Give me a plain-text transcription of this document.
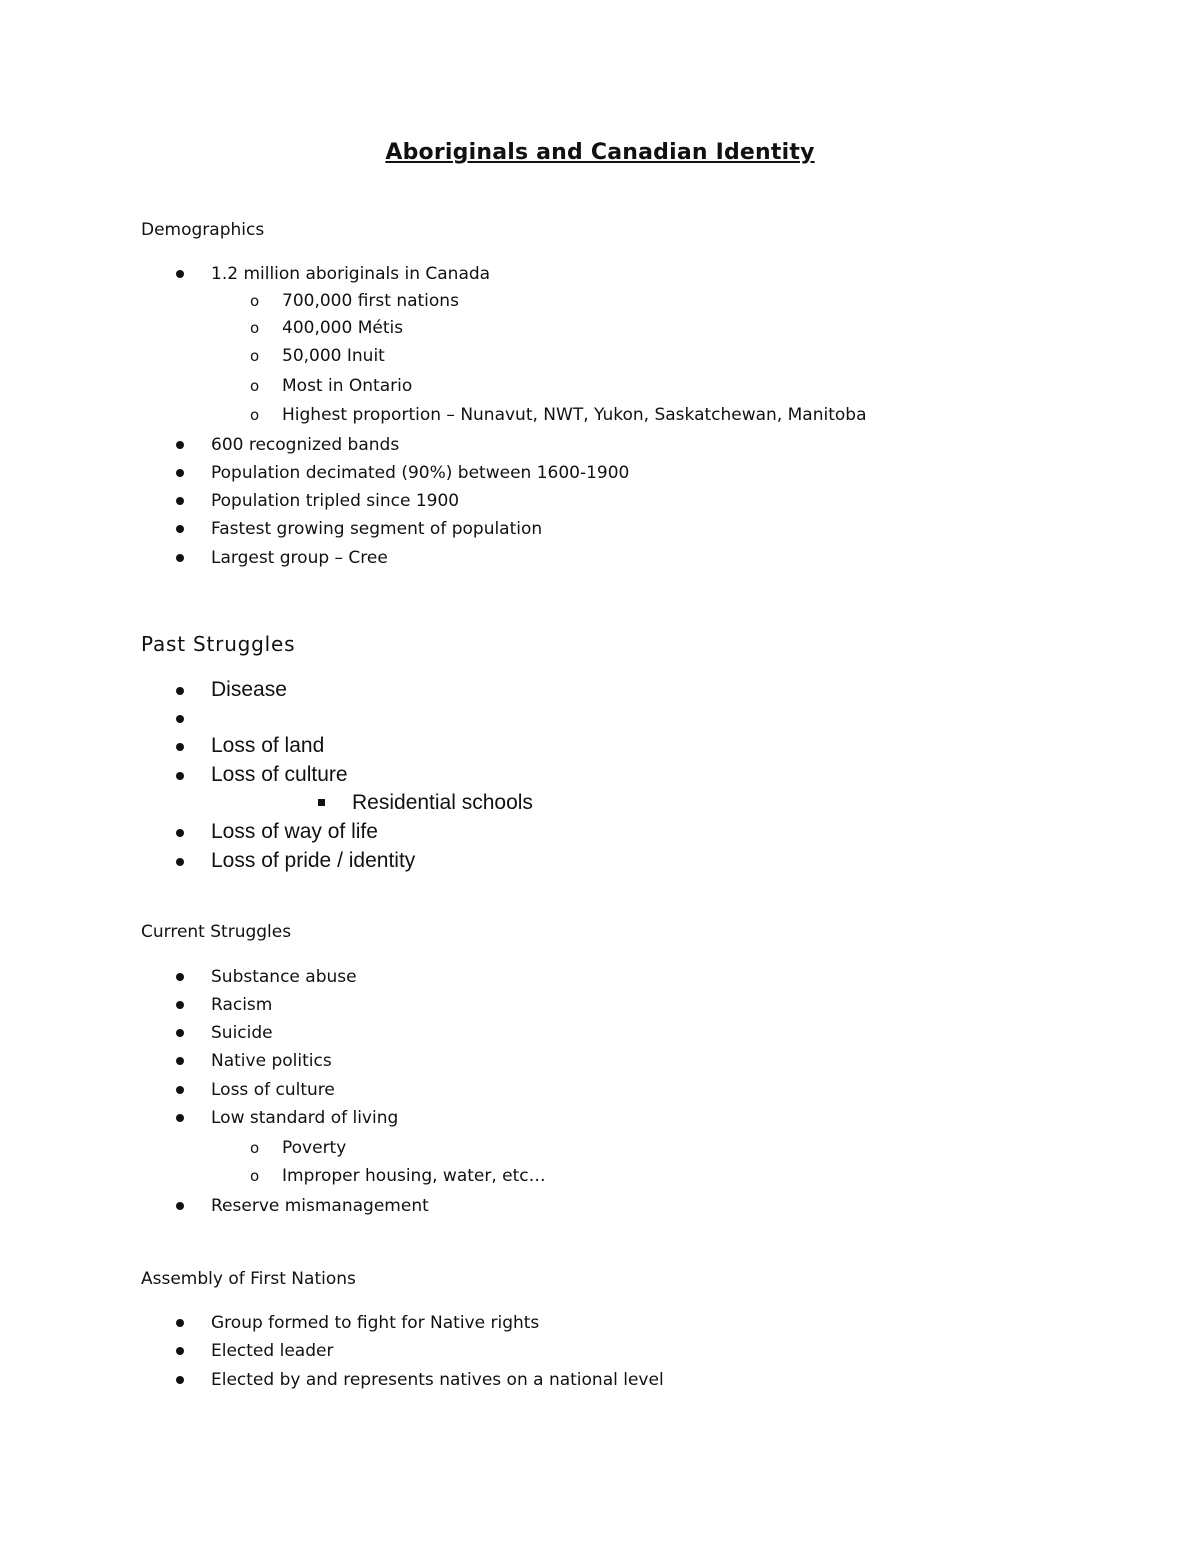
Aboriginals and Canadian Identity
Demographics
1.2 million aboriginals in Canada
o 700,000 first nations
o 400,000 Métis
o 50,000 Inuit
o Most in Ontario
o Highest proportion – Nunavut, NWT, Yukon, Saskatchewan, Manitoba
600 recognized bands
Population decimated (90%) between 1600-1900
Population tripled since 1900
Fastest growing segment of population
Largest group – Cree
Past Struggles
Disease
Loss of land
Loss of culture
Residential schools
Loss of way of life
Loss of pride / identity
Current Struggles
Substance abuse
Racism
Suicide
Native politics
Loss of culture
Low standard of living
o Poverty
o Improper housing, water, etc…
Reserve mismanagement
Assembly of First Nations
Group formed to fight for Native rights
Elected leader
Elected by and represents natives on a national level
